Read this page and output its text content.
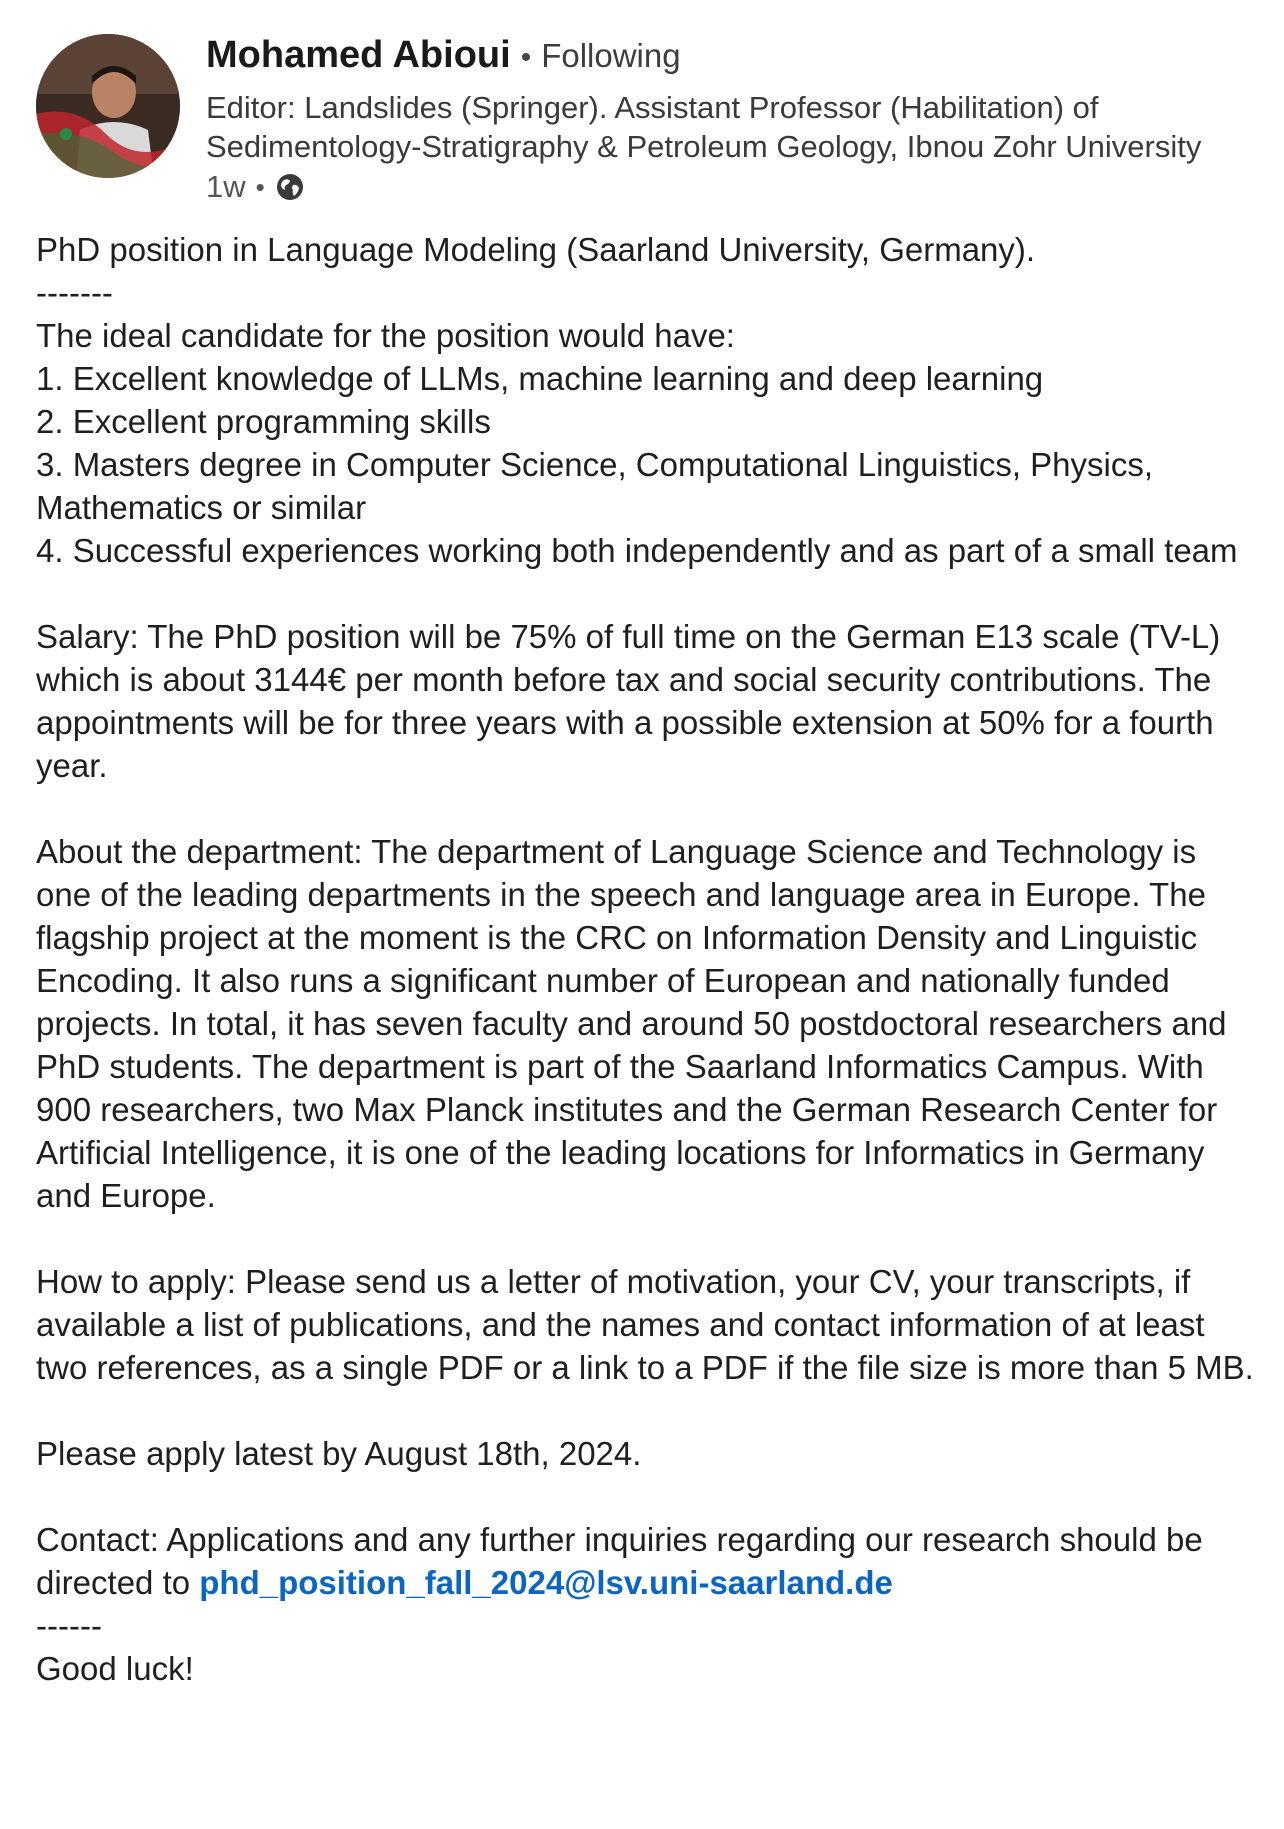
Mohamed Abioui • Following
Editor: Landslides (Springer). Assistant Professor (Habilitation) of Sedimentology-Stratigraphy & Petroleum Geology, Ibnou Zohr University
1w •

PhD position in Language Modeling (Saarland University, Germany).

-------

The ideal candidate for the position would have:

1. Excellent knowledge of LLMs, machine learning and deep learning

2. Excellent programming skills

3. Masters degree in Computer Science, Computational Linguistics, Physics, Mathematics or similar

4. Successful experiences working both independently and as part of a small team

Salary: The PhD position will be 75% of full time on the German E13 scale (TV-L) which is about 3144€ per month before tax and social security contributions. The appointments will be for three years with a possible extension at 50% for a fourth year.

About the department: The department of Language Science and Technology is one of the leading departments in the speech and language area in Europe. The flagship project at the moment is the CRC on Information Density and Linguistic Encoding. It also runs a significant number of European and nationally funded projects. In total, it has seven faculty and around 50 postdoctoral researchers and PhD students. The department is part of the Saarland Informatics Campus. With 900 researchers, two Max Planck institutes and the German Research Center for Artificial Intelligence, it is one of the leading locations for Informatics in Germany and Europe.

How to apply: Please send us a letter of motivation, your CV, your transcripts, if available a list of publications, and the names and contact information of at least two references, as a single PDF or a link to a PDF if the file size is more than 5 MB.

Please apply latest by August 18th, 2024.

Contact: Applications and any further inquiries regarding our research should be directed to phd_position_fall_2024@lsv.uni-saarland.de

------

Good luck!
